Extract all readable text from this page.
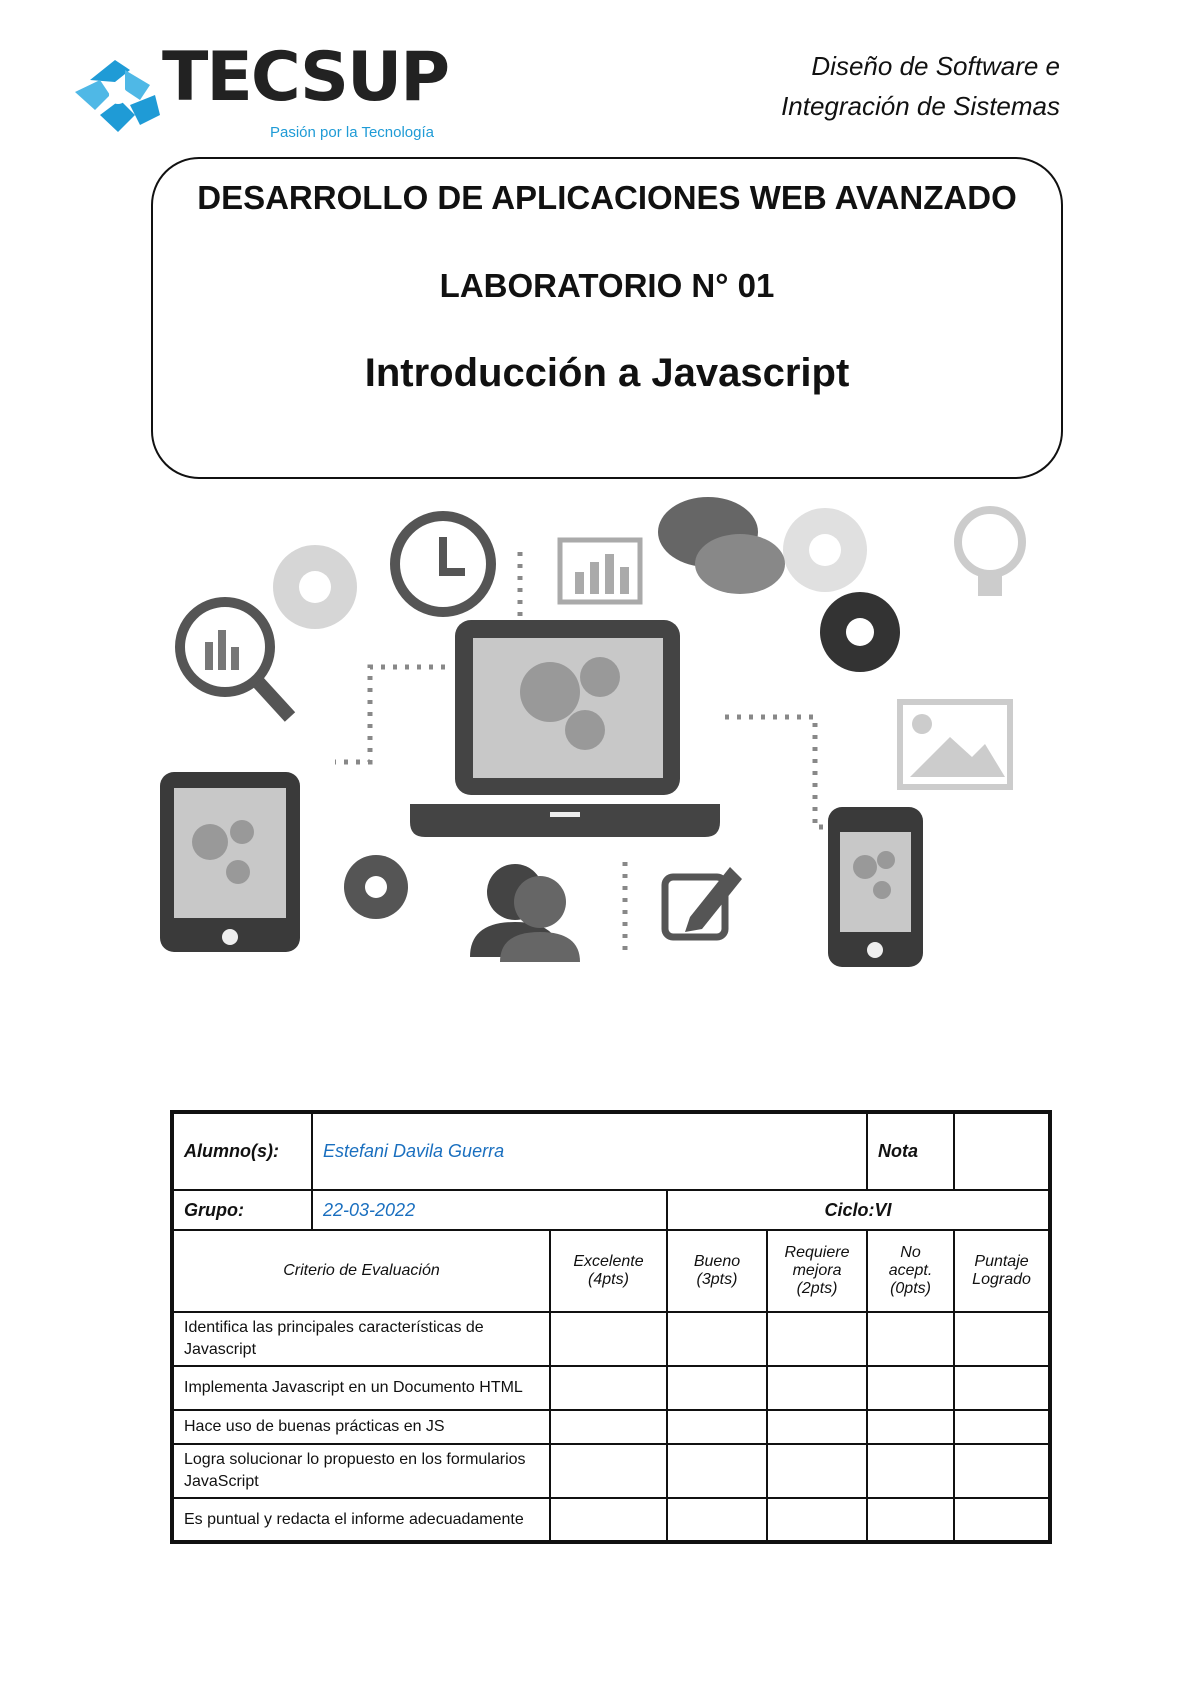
TECSUP
Pasión por la Tecnología
Diseño de Software e
Integración de Sistemas
DESARROLLO DE APLICACIONES WEB AVANZADO
LABORATORIO N° 01
Introducción a Javascript
Alumno(s):	Estefani Davila Guerra				Nota	
Grupo:	22-03-2022		Ciclo:VI			
Criterio de Evaluación		Excelente (4pts)	Bueno (3pts)	Requiere mejora (2pts)	No acept. (0pts)	Puntaje Logrado
Identifica las principales características de Javascript						
Implementa Javascript en un Documento HTML						
Hace uso de buenas prácticas en JS						
Logra solucionar lo propuesto en los formularios JavaScript						
Es puntual y redacta el informe adecuadamente						
